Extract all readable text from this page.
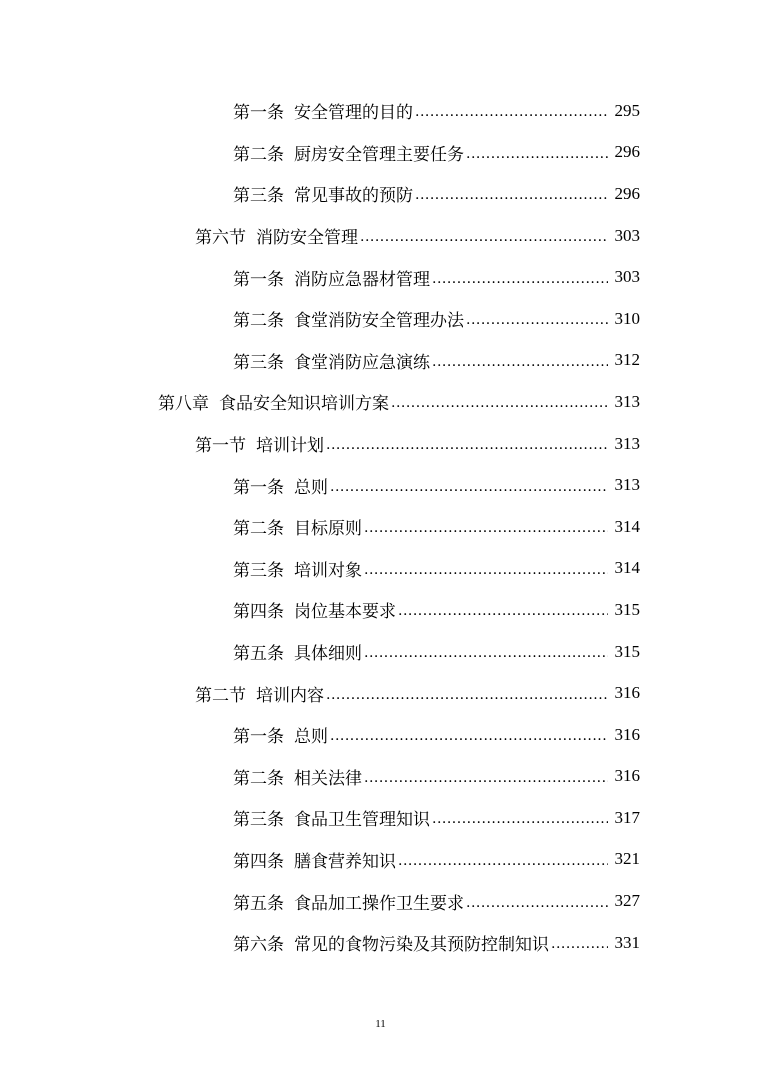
第一条 安全管理的目的 .....	295
第二条 厨房安全管理主要任务 .....	296
第三条 常见事故的预防 .....	296
第六节 消防安全管理 .....	303
第一条 消防应急器材管理 .....	303
第二条 食堂消防安全管理办法 .....	310
第三条 食堂消防应急演练 .....	312
第八章 食品安全知识培训方案 .....	313
第一节 培训计划 .....	313
第一条 总则 .....	313
第二条 目标原则 .....	314
第三条 培训对象 .....	314
第四条 岗位基本要求 .....	315
第五条 具体细则 .....	315
第二节 培训内容 .....	316
第一条 总则 .....	316
第二条 相关法律 .....	316
第三条 食品卫生管理知识 .....	317
第四条 膳食营养知识 .....	321
第五条 食品加工操作卫生要求 .....	327
第六条 常见的食物污染及其预防控制知识 .....	331
11
